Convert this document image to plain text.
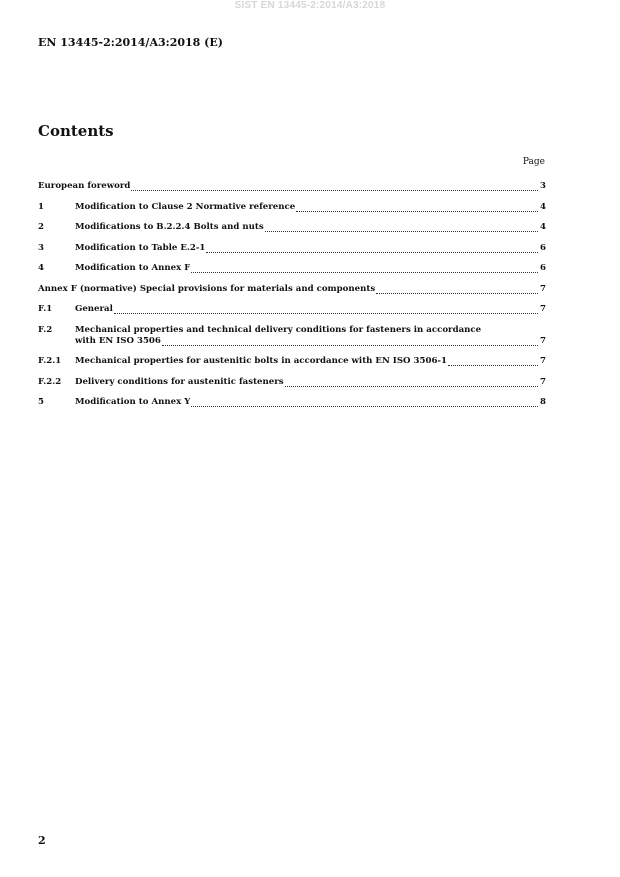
SIST EN 13445-2:2014/A3:2018
EN 13445-2:2014/A3:2018 (E)
Contents
Page
European foreword	3
1	Modification to Clause 2 Normative reference	4
2	Modifications to B.2.2.4 Bolts and nuts	4
3	Modification to Table E.2-1	6
4	Modification to Annex F	6
Annex F (normative) Special provisions for materials and components	7
F.1	General	7
F.2	Mechanical properties and technical delivery conditions for fasteners in accordance
with EN ISO 3506	7
F.2.1	Mechanical properties for austenitic bolts in accordance with EN ISO 3506-1	7
F.2.2	Delivery conditions for austenitic fasteners	7
5	Modification to Annex Y	8
2
